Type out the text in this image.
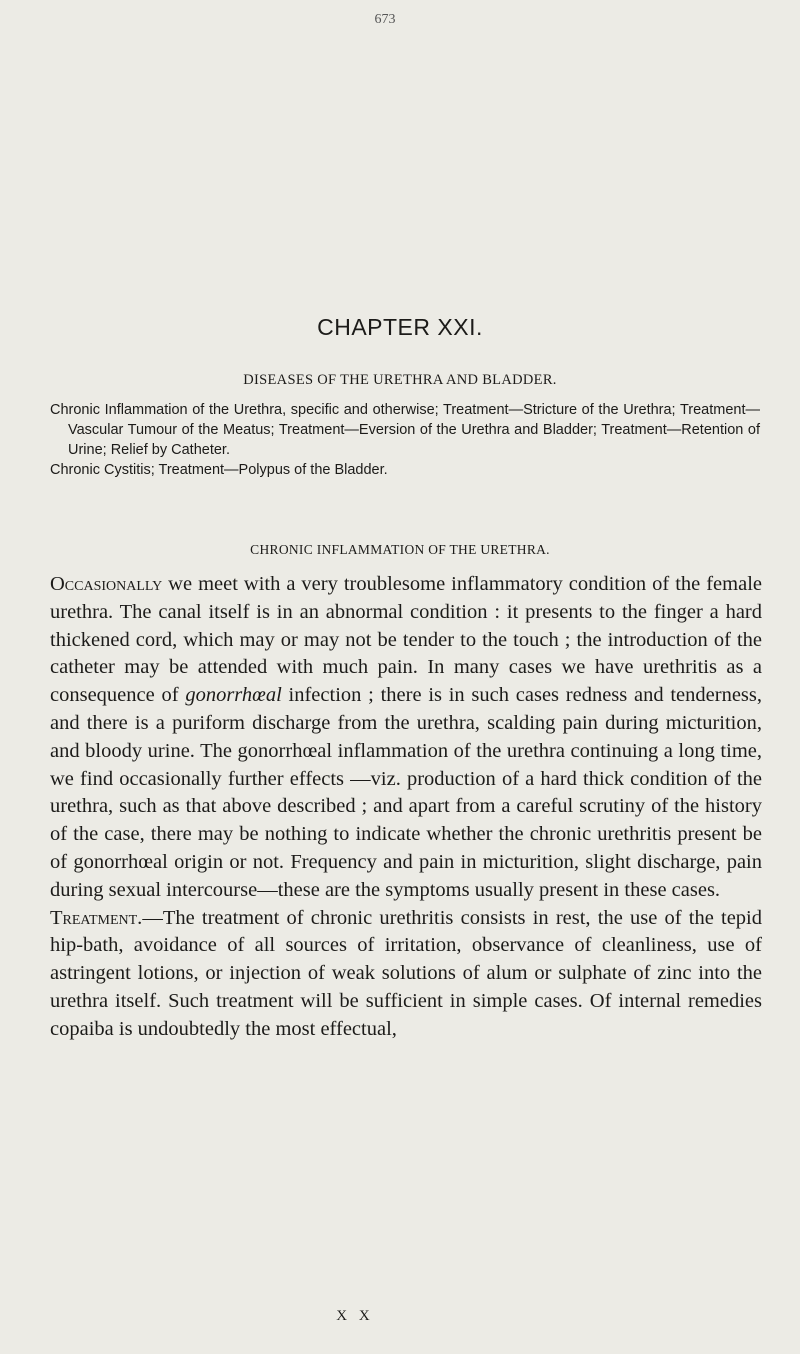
673
CHAPTER XXI.
DISEASES OF THE URETHRA AND BLADDER.

Chronic Inflammation of the Urethra, specific and otherwise; Treatment—Stricture of the Urethra; Treatment—Vascular Tumour of the Meatus; Treatment—Eversion of the Urethra and Bladder; Treatment—Retention of Urine; Relief by Catheter.

Chronic Cystitis; Treatment—Polypus of the Bladder.

CHRONIC INFLAMMATION OF THE URETHRA.

Occasionally we meet with a very troublesome inflammatory condition of the female urethra. The canal itself is in an abnormal condition : it presents to the finger a hard thickened cord, which may or may not be tender to the touch ; the introduction of the catheter may be attended with much pain. In many cases we have urethritis as a consequence of gonorrhœal infection ; there is in such cases redness and tenderness, and there is a puriform discharge from the urethra, scalding pain during micturition, and bloody urine. The gonorrhœal inflammation of the urethra continuing a long time, we find occasionally further effects —viz. production of a hard thick condition of the urethra, such as that above described ; and apart from a careful scrutiny of the history of the case, there may be nothing to indicate whether the chronic urethritis present be of gonorrhœal origin or not. Frequency and pain in micturition, slight discharge, pain during sexual intercourse—these are the symptoms usually present in these cases.

Treatment.—The treatment of chronic urethritis consists in rest, the use of the tepid hip-bath, avoidance of all sources of irritation, observance of cleanliness, use of astringent lotions, or injection of weak solutions of alum or sulphate of zinc into the urethra itself. Such treatment will be sufficient in simple cases. Of internal remedies copaiba is undoubtedly the most effectual,

X X
